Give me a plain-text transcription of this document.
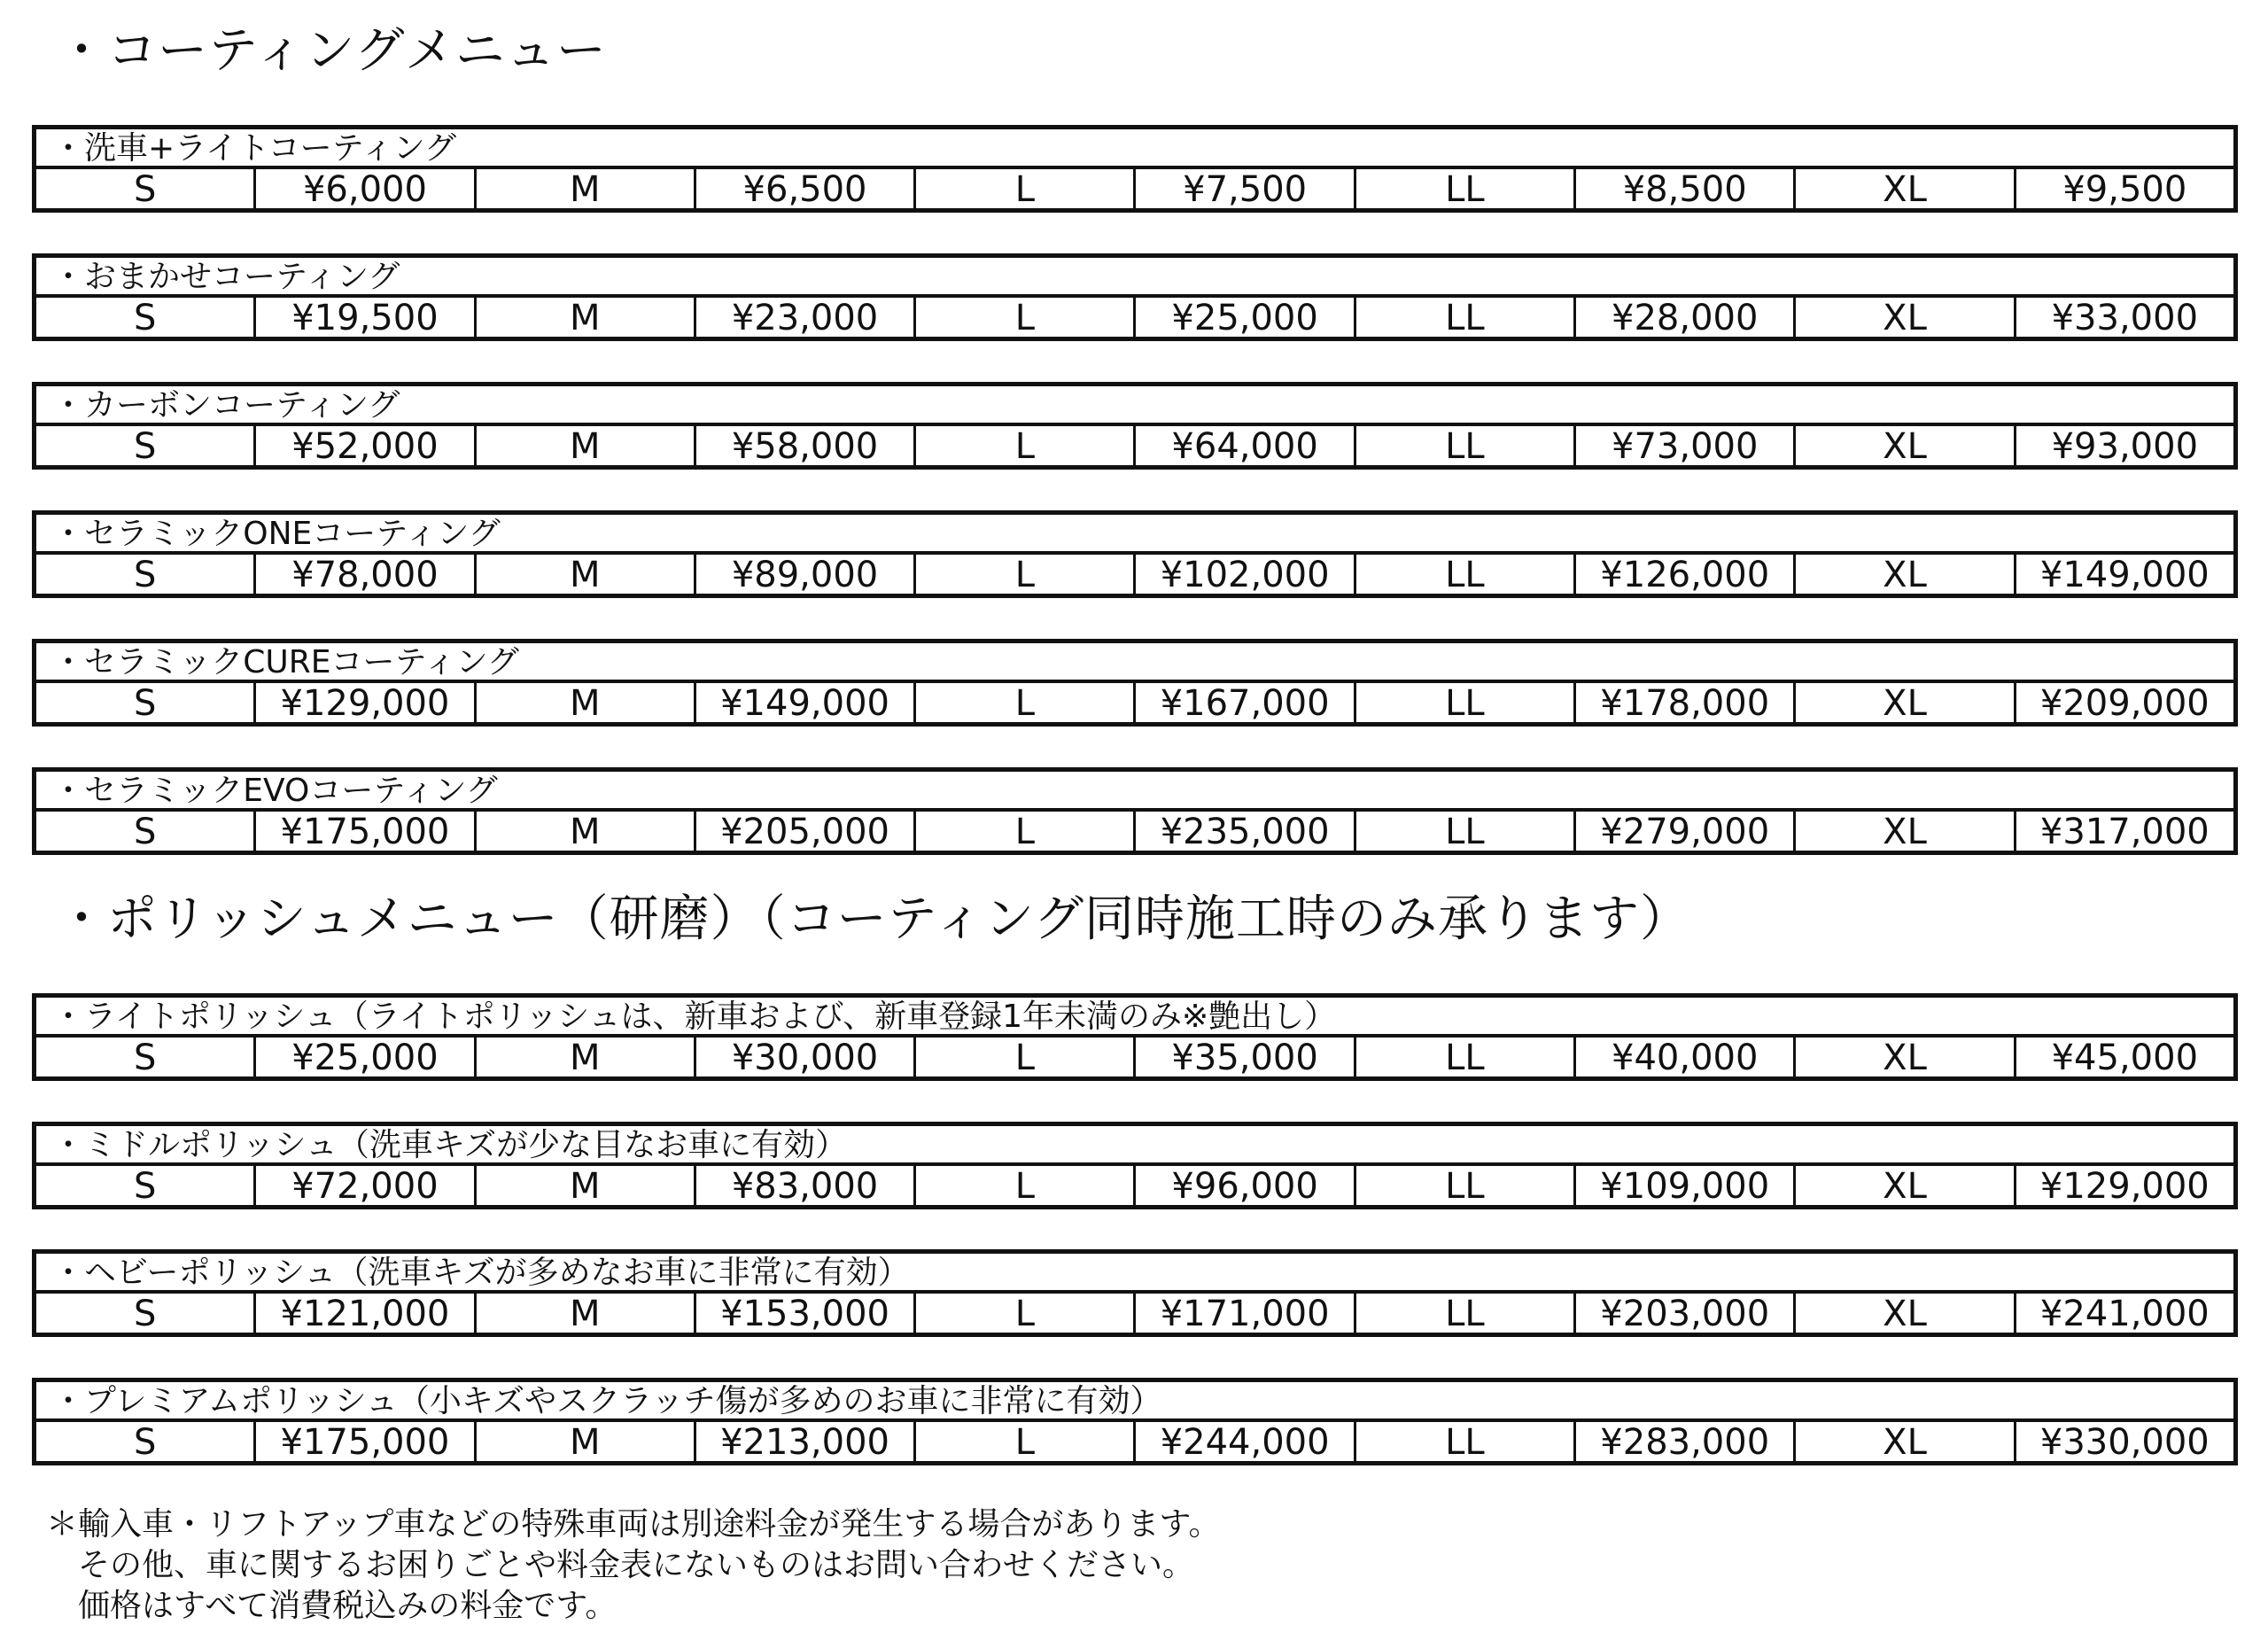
・コーティングメニュー
・洗車+ライトコーティング
S	¥6,000	M	¥6,500	L	¥7,500	LL	¥8,500	XL	¥9,500
・おまかせコーティング
S	¥19,500	M	¥23,000	L	¥25,000	LL	¥28,000	XL	¥33,000
・カーボンコーティング
S	¥52,000	M	¥58,000	L	¥64,000	LL	¥73,000	XL	¥93,000
・セラミックONEコーティング
S	¥78,000	M	¥89,000	L	¥102,000	LL	¥126,000	XL	¥149,000
・セラミックCUREコーティング
S	¥129,000	M	¥149,000	L	¥167,000	LL	¥178,000	XL	¥209,000
・セラミックEVOコーティング
S	¥175,000	M	¥205,000	L	¥235,000	LL	¥279,000	XL	¥317,000
・ポリッシュメニュー（研磨）（コーティング同時施工時のみ承ります）
・ライトポリッシュ（ライトポリッシュは、新車および、新車登録1年未満のみ※艶出し）
S	¥25,000	M	¥30,000	L	¥35,000	LL	¥40,000	XL	¥45,000
・ミドルポリッシュ（洗車キズが少な目なお車に有効）
S	¥72,000	M	¥83,000	L	¥96,000	LL	¥109,000	XL	¥129,000
・ヘビーポリッシュ（洗車キズが多めなお車に非常に有効）
S	¥121,000	M	¥153,000	L	¥171,000	LL	¥203,000	XL	¥241,000
・プレミアムポリッシュ（小キズやスクラッチ傷が多めのお車に非常に有効）
S	¥175,000	M	¥213,000	L	¥244,000	LL	¥283,000	XL	¥330,000
＊輸入車・リフトアップ車などの特殊車両は別途料金が発生する場合があります。
　その他、車に関するお困りごとや料金表にないものはお問い合わせください。
　価格はすべて消費税込みの料金です。
